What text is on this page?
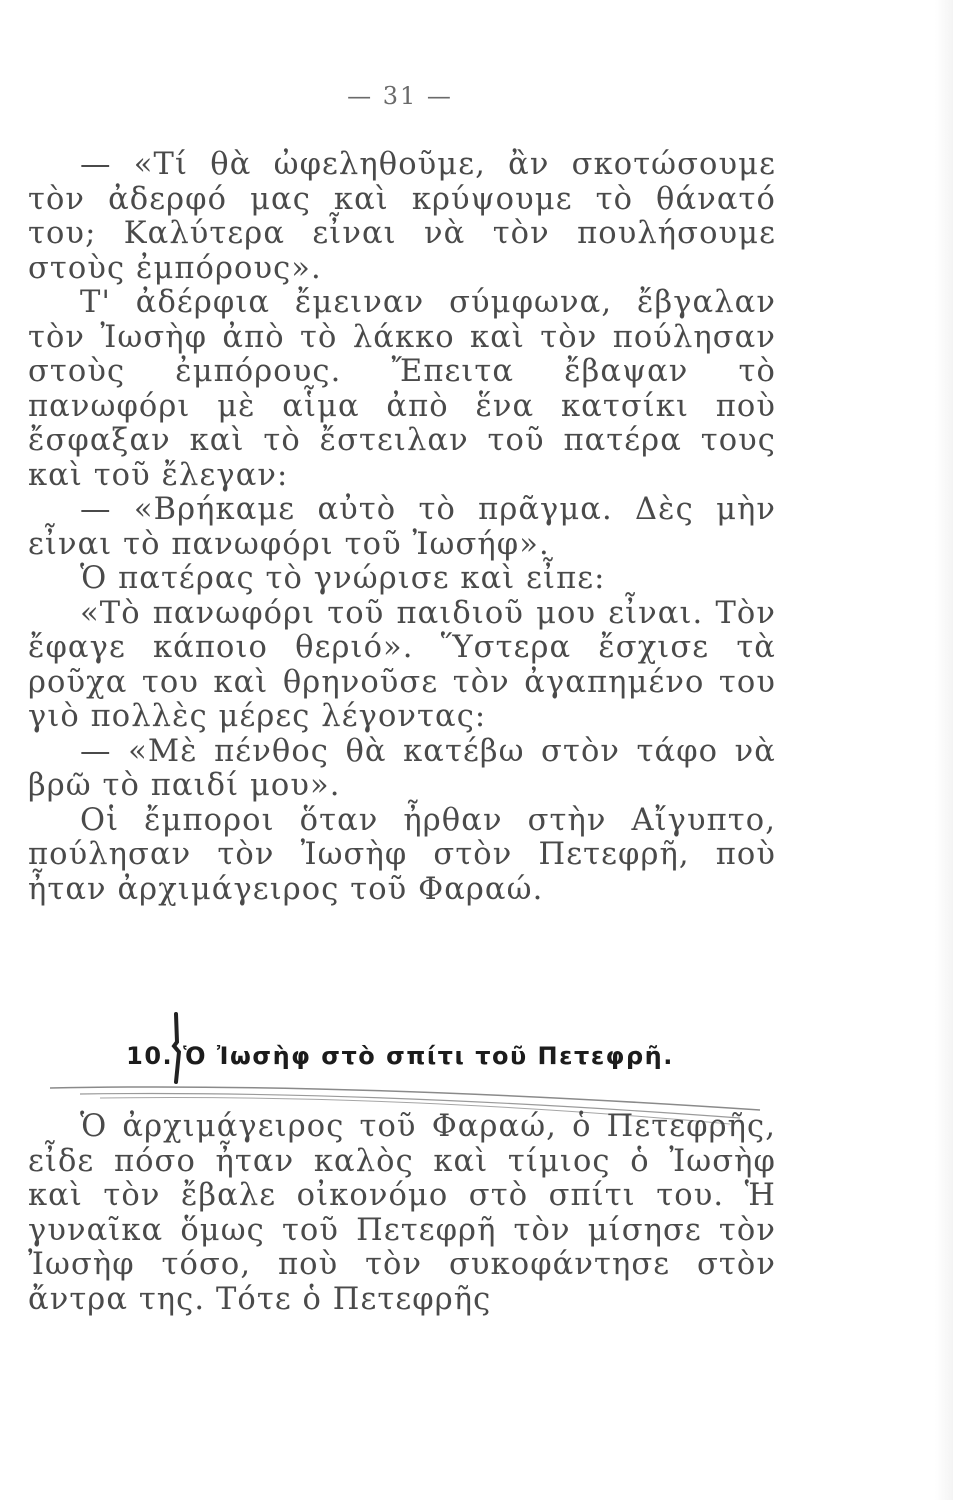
— 31 —

— «Τί θὰ ὠφεληθοῦμε, ἂν σκοτώσουμε τὸν ἀδερφό μας καὶ κρύψουμε τὸ θάνατό του; Καλύτερα εἶναι νὰ τὸν πουλήσουμε στοὺς ἐμπόρους».

Τ' ἀδέρφια ἔμειναν σύμφωνα, ἔβγαλαν τὸν Ἰωσὴφ ἀπὸ τὸ λάκκο καὶ τὸν πούλησαν στοὺς ἐμπόρους. Ἔπειτα ἔβαψαν τὸ πανωφόρι μὲ αἷμα ἀπὸ ἕνα κατσίκι ποὺ ἔσφαξαν καὶ τὸ ἔστειλαν τοῦ πατέρα τους καὶ τοῦ ἔλεγαν:

— «Βρήκαμε αὐτὸ τὸ πρᾶγμα. Δὲς μὴν εἶναι τὸ πανωφόρι τοῦ Ἰωσήφ».

Ὁ πατέρας τὸ γνώρισε καὶ εἶπε:

«Τὸ πανωφόρι τοῦ παιδιοῦ μου εἶναι. Τὸν ἔφαγε κάποιο θεριό». Ὕστερα ἔσχισε τὰ ροῦχα του καὶ θρηνοῦσε τὸν ἀγαπημένο του γιὸ πολλὲς μέρες λέγοντας:

— «Μὲ πένθος θὰ κατέβω στὸν τάφο νὰ βρῶ τὸ παιδί μου».

Οἱ ἔμποροι ὅταν ἦρθαν στὴν Αἴγυπτο, πούλησαν τὸν Ἰωσὴφ στὸν Πετεφρῆ, ποὺ ἦταν ἀρχιμάγειρος τοῦ Φαραώ.

10. Ὁ Ἰωσὴφ στὸ σπίτι τοῦ Πετεφρῆ.

Ὁ ἀρχιμάγειρος τοῦ Φαραώ, ὁ Πετεφρῆς, εἶδε πόσο ἦταν καλὸς καὶ τίμιος ὁ Ἰωσὴφ καὶ τὸν ἔβαλε οἰκονόμο στὸ σπίτι του. Ἡ γυναῖκα ὅμως τοῦ Πετεφρῆ τὸν μίσησε τὸν Ἰωσὴφ τόσο, ποὺ τὸν συκοφάντησε στὸν ἄντρα της. Τότε ὁ Πετεφρῆς
